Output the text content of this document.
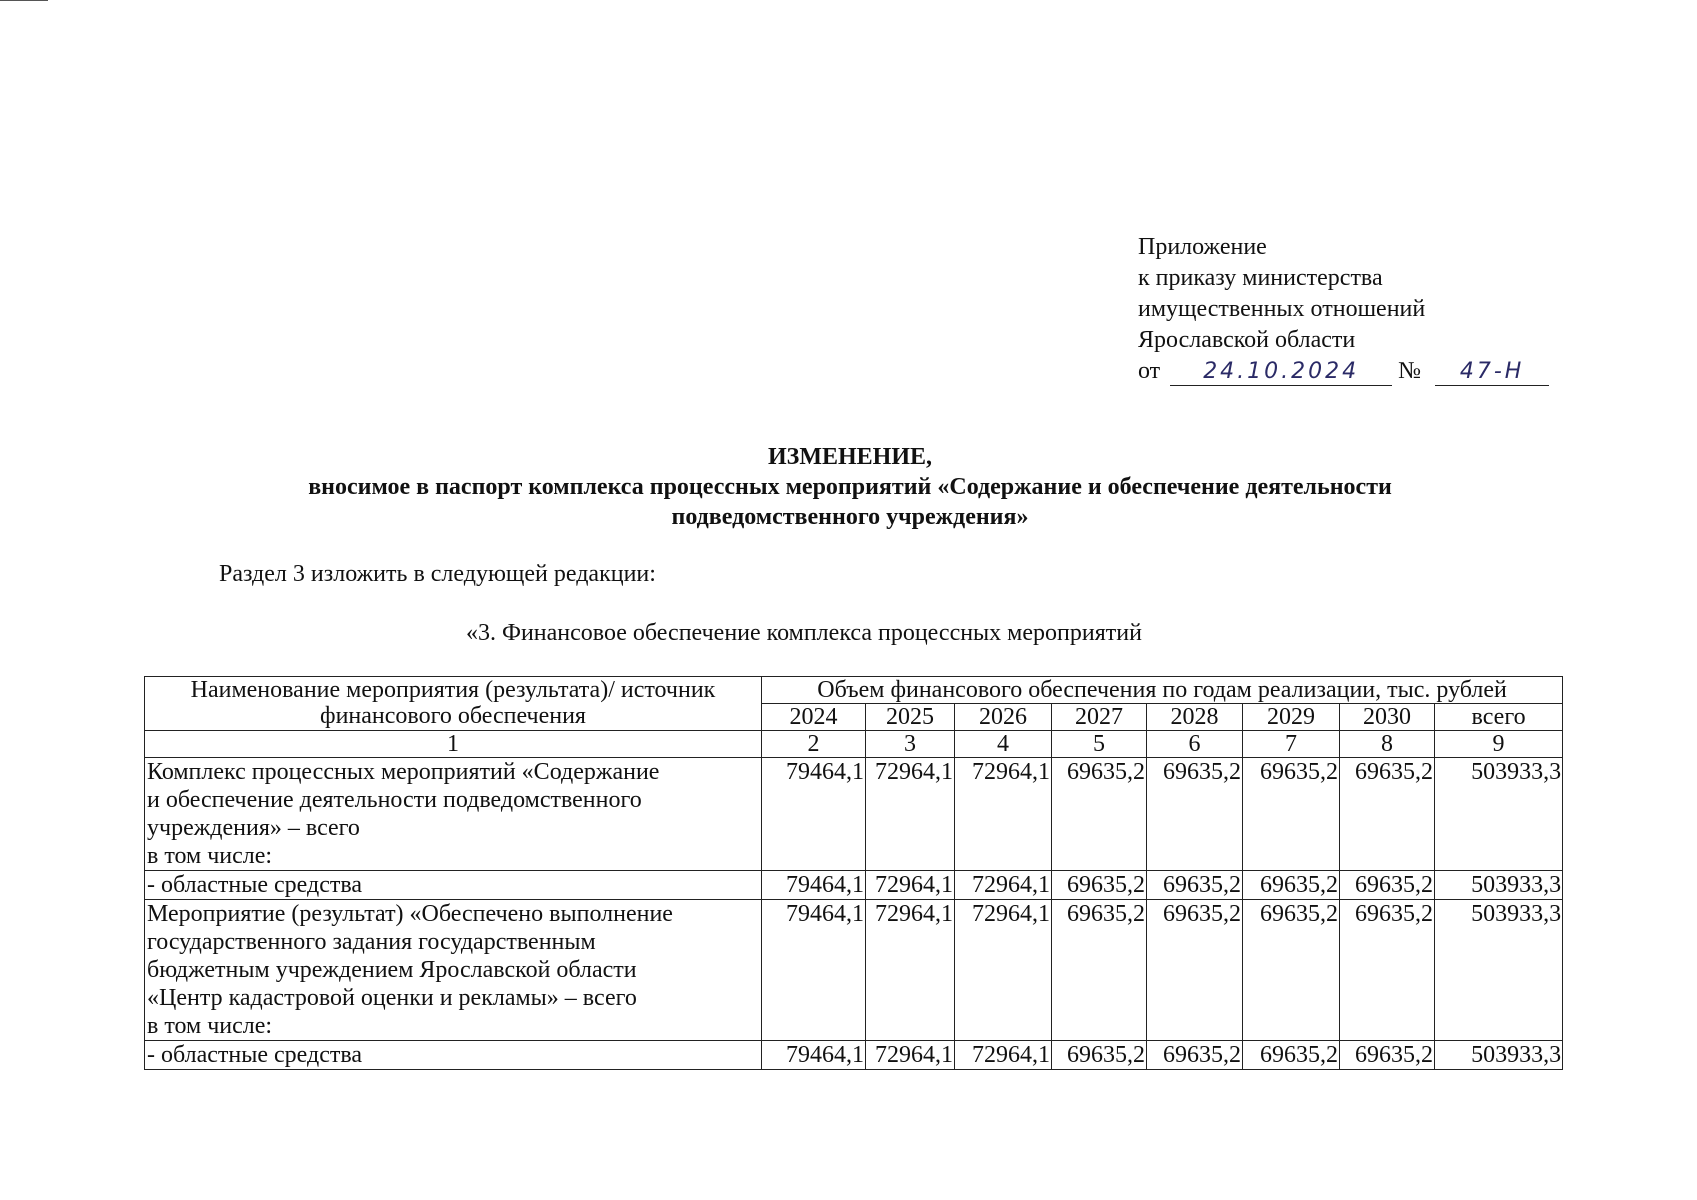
Приложение
к приказу министерства
имущественных отношений
Ярославской области
от 24.10.2024 № 47-Н
ИЗМЕНЕНИЕ,
вносимое в паспорт комплекса процессных мероприятий «Содержание и обеспечение деятельности
подведомственного учреждения»
Раздел 3 изложить в следующей редакции:
«3. Финансовое обеспечение комплекса процессных мероприятий
Наименование мероприятия (результата)/ источник финансового обеспечения	Объем финансового обеспечения по годам реализации, тыс. рублей							
	2024	2025	2026	2027	2028	2029	2030	всего
1	2	3	4	5	6	7	8	9

Комплекс процессных мероприятий «Содержание
и обеспечение деятельности подведомственного
учреждения» – всего
в том числе:	79464,1	72964,1	72964,1	69635,2	69635,2	69635,2	69635,2	503933,3

- областные средства	79464,1	72964,1	72964,1	69635,2	69635,2	69635,2	69635,2	503933,3

Мероприятие (результат) «Обеспечено выполнение
государственного задания государственным
бюджетным учреждением Ярославской области
«Центр кадастровой оценки и рекламы» – всего
в том числе:	79464,1	72964,1	72964,1	69635,2	69635,2	69635,2	69635,2	503933,3

- областные средства	79464,1	72964,1	72964,1	69635,2	69635,2	69635,2	69635,2	503933,3
